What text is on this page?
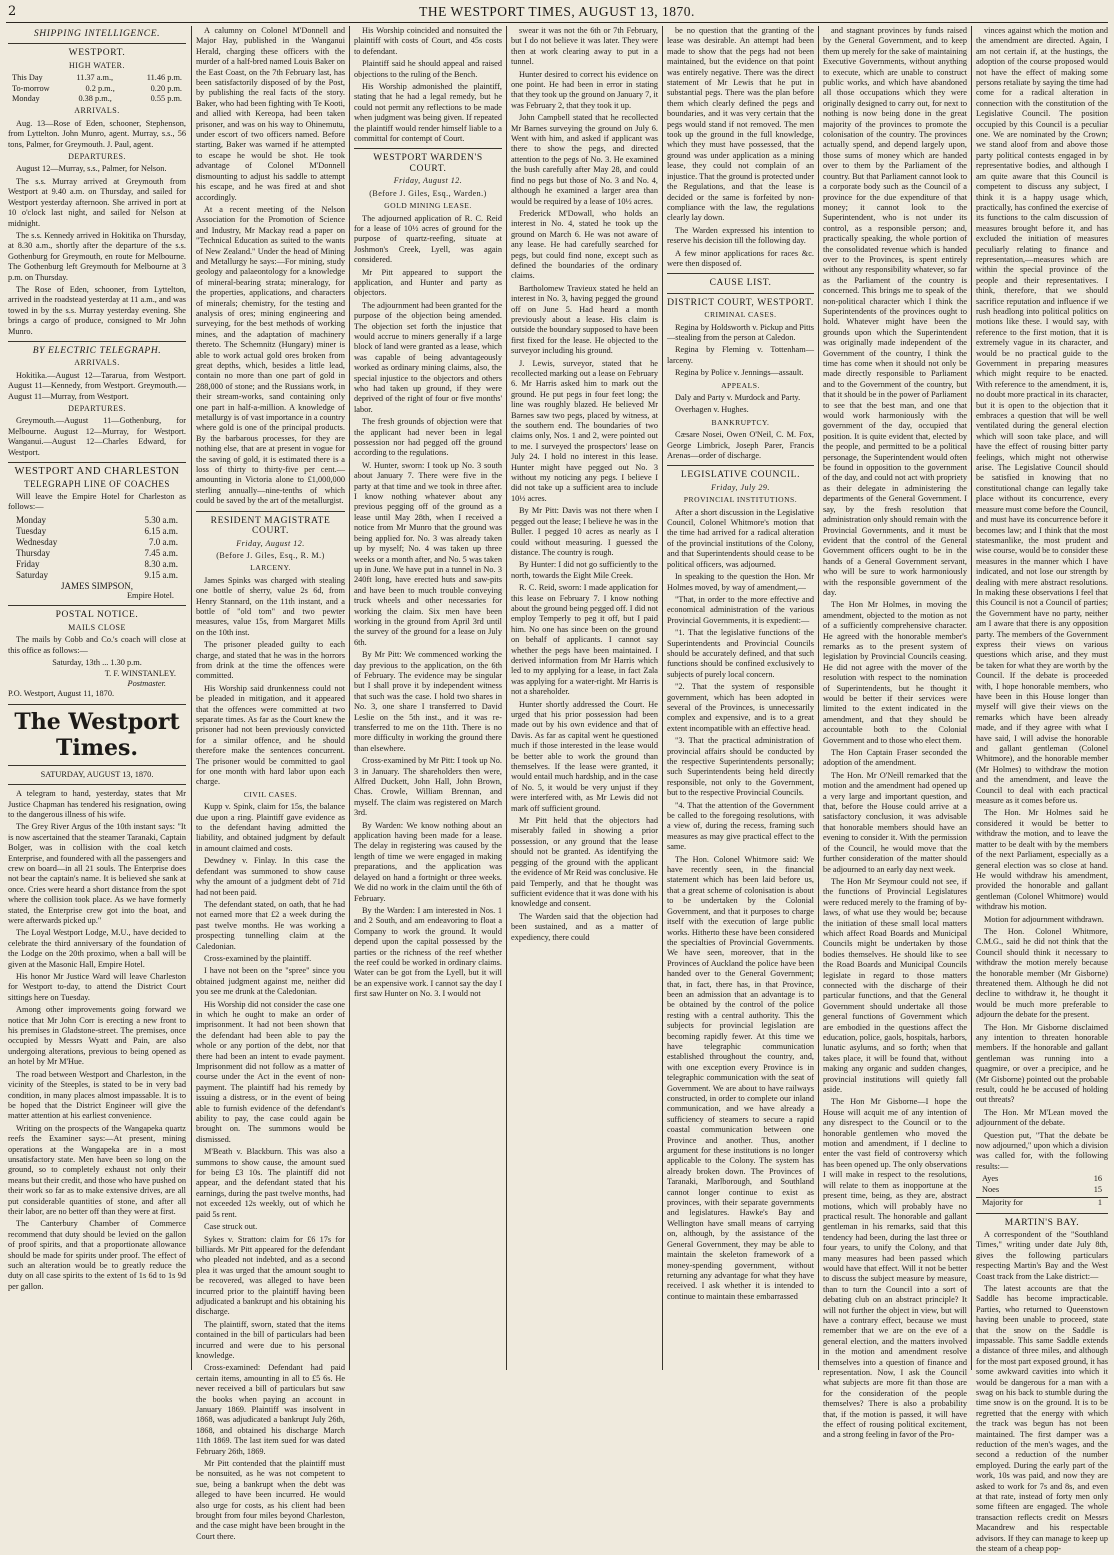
2	THE WESTPORT TIMES, AUGUST 13, 1870.
SHIPPING INTELLIGENCE.
WESTPORT.
HIGH WATER.
This Day	11.37 a.m.,	11.46 p.m.
To-morrow	0.2 p.m.,	0.20 p.m.
Monday	0.38 p.m.,	0.55 p.m.
ARRIVALS.

Aug. 13—Rose of Eden, schooner, Stephenson, from Lyttelton. John Munro, agent. Murray, s.s., 56 tons, Palmer, for Greymouth. J. Paul, agent.

DEPARTURES.

August 12—Murray, s.s., Palmer, for Nelson.

The s.s. Murray arrived at Greymouth from Westport at 9.40 a.m. on Thursday, and sailed for Westport yesterday afternoon. She arrived in port at 10 o'clock last night, and sailed for Nelson at midnight.

The s.s. Kennedy arrived in Hokitika on Thursday, at 8.30 a.m., shortly after the departure of the s.s. Gothenburg for Greymouth, en route for Melbourne. The Gothenburg left Greymouth for Melbourne at 3 p.m. on Thursday.

The Rose of Eden, schooner, from Lyttelton, arrived in the roadstead yesterday at 11 a.m., and was towed in by the s.s. Murray yesterday evening. She brings a cargo of produce, consigned to Mr John Munro.

BY ELECTRIC TELEGRAPH.
ARRIVALS.

Hokitika.—August 12—Tararua, from Westport. August 11—Kennedy, from Westport. Greymouth.—August 11—Murray, from Westport.

DEPARTURES.

Greymouth.—August 11—Gothenburg, for Melbourne. August 12—Murray, for Westport. Wanganui.—August 12—Charles Edward, for Westport.

WESTPORT AND CHARLESTON
TELEGRAPH LINE OF COACHES

Will leave the Empire Hotel for Charleston as follows:—

Monday	5.30 a.m.
Tuesday	6.15 a.m.
Wednesday	7.0 a.m.
Thursday	7.45 a.m.
Friday	8.30 a.m.
Saturday	9.15 a.m.
JAMES SIMPSON,
Empire Hotel.
POSTAL NOTICE.
MAILS CLOSE

The mails by Cobb and Co.'s coach will close at this office as follows:—

Saturday, 13th ... 1.30 p.m.
T. F. WINSTANLEY.
Postmaster.
P.O. Westport, August 11, 1870.
The Westport Times.
SATURDAY, AUGUST 13, 1870.

A telegram to hand, yesterday, states that Mr Justice Chapman has tendered his resignation, owing to the dangerous illness of his wife.

The Grey River Argus of the 10th instant says: "It is now ascertained that the steamer Taranaki, Captain Bolger, was in collision with the coal ketch Enterprise, and foundered with all the passengers and crew on board—in all 21 souls. The Enterprise does not bear the captain's name. It is believed she sank at once. Cries were heard a short distance from the spot where the collision took place. As we have formerly stated, the Enterprise crew got into the boat, and were afterwards picked up."

The Loyal Westport Lodge, M.U., have decided to celebrate the third anniversary of the foundation of the Lodge on the 20th proximo, when a ball will be given at the Masonic Hall, Empire Hotel.

His honor Mr Justice Ward will leave Charleston for Westport to-day, to attend the District Court sittings here on Tuesday.

Among other improvements going forward we notice that Mr John Corr is erecting a new front to his premises in Gladstone-street. The premises, once occupied by Messrs Wyatt and Pain, are also undergoing alterations, previous to being opened as an hotel by Mr M'Hue.

The road between Westport and Charleston, in the vicinity of the Steeples, is stated to be in very bad condition, in many places almost impassable. It is to be hoped that the District Engineer will give the matter attention at his earliest convenience.

Writing on the prospects of the Wangapeka quartz reefs the Examiner says:—At present, mining operations at the Wangapeka are in a most unsatisfactory state. Men have been so long on the ground, so to completely exhaust not only their means but their credit, and those who have pushed on their work so far as to make extensive drives, are all put considerable quantities of stone, and after all their labor, are no better off than they were at first.

The Canterbury Chamber of Commerce recommend that duty should be levied on the gallon of proof spirits, and that a proportionate allowance should be made for spirits under proof. The effect of such an alteration would be to greatly reduce the duty on all case spirits to the extent of 1s 6d to 1s 9d per gallon.

A calumny on Colonel M'Donnell and Major Hay, published in the Wanganui Herald, charging these officers with the murder of a half-bred named Louis Baker on the East Coast, on the 7th February last, has been satisfactorily disposed of by the Post, by publishing the real facts of the story. Baker, who had been fighting with Te Kooti, and allied with Kereopa, had been taken prisoner, and was on his way to Ohinemutu, under escort of two officers named. Before starting, Baker was warned if he attempted to escape he would be shot. He took advantage of Colonel M'Donnell dismounting to adjust his saddle to attempt his escape, and he was fired at and shot accordingly.

At a recent meeting of the Nelson Association for the Promotion of Science and Industry, Mr Mackay read a paper on "Technical Education as suited to the wants of New Zealand." Under the head of Mining and Metallurgy he says:—For mining, study geology and palaeontology for a knowledge of mineral-bearing strata; mineralogy, for the properties, applications, and characters of minerals; chemistry, for the testing and analysis of ores; mining engineering and surveying, for the best methods of working mines, and the adaptation of machinery thereto. The Schemnitz (Hungary) miner is able to work actual gold ores broken from great depths, which, besides a little lead, contain no more than one part of gold in 288,000 of stone; and the Russians work, in their stream-works, sand containing only one part in half-a-million. A knowledge of metallurgy is of vast importance in a country where gold is one of the principal products. By the barbarous processes, for they are nothing else, that are at present in vogue for the saving of gold, it is estimated there is a loss of thirty to thirty-five per cent.—amounting in Victoria alone to £1,000,000 sterling annually—nine-tenths of which could be saved by the art of the metallurgist.

RESIDENT MAGISTRATE COURT.
Friday, August 12.
(Before J. Giles, Esq., R. M.)
LARCENY.

James Spinks was charged with stealing one bottle of sherry, value 2s 6d, from Henry Stannard, on the 11th instant, and a bottle of "old tom" and two pewter measures, value 15s, from Margaret Mills on the 10th inst.

The prisoner pleaded guilty to each charge, and stated that he was in the horrors from drink at the time the offences were committed.

His Worship said drunkenness could not be pleaded in mitigation, and it appeared that the offences were committed at two separate times. As far as the Court knew the prisoner had not been previously convicted for a similar offence, and he should therefore make the sentences concurrent. The prisoner would be committed to gaol for one month with hard labor upon each charge.

CIVIL CASES.

Kupp v. Spink, claim for 15s, the balance due upon a ring. Plaintiff gave evidence as to the defendant having admitted the liability, and obtained judgment by default in amount claimed and costs.

Dewdney v. Finlay. In this case the defendant was summoned to show cause why the amount of a judgment debt of 71d had not been paid.

The defendant stated, on oath, that he had not earned more that £2 a week during the past twelve months. He was working a prospecting tunnelling claim at the Caledonian.

Cross-examined by the plaintiff.

I have not been on the "spree" since you obtained judgment against me, neither did you see me drunk at the Caledonian.

His Worship did not consider the case one in which he ought to make an order of imprisonment. It had not been shown that the defendant had been able to pay the whole or any portion of the debt, nor that there had been an intent to evade payment. Imprisonment did not follow as a matter of course under the Act in the event of non-payment. The plaintiff had his remedy by issuing a distress, or in the event of being able to furnish evidence of the defendant's ability to pay, the case could again be brought on. The summons would be dismissed.

M'Beath v. Blackburn. This was also a summons to show cause, the amount sued for being £3 10s. The plaintiff did not appear, and the defendant stated that his earnings, during the past twelve months, had not exceeded 12s weekly, out of which he paid 5s rent.

Case struck out.

Sykes v. Stratton: claim for £6 17s for billiards. Mr Pitt appeared for the defendant who pleaded not indebted, and as a second plea it was urged that the amount sought to be recovered, was alleged to have been incurred prior to the plaintiff having been adjudicated a bankrupt and his obtaining his discharge.

The plaintiff, sworn, stated that the items contained in the bill of particulars had been incurred and were due to his personal knowledge.

Cross-examined: Defendant had paid certain items, amounting in all to £5 6s. He never received a bill of particulars but saw the books when paying an account in January 1869. Plaintiff was insolvent in 1868, was adjudicated a bankrupt July 26th, 1868, and obtained his discharge March 11th 1869. The last item sued for was dated February 26th, 1869.

Mr Pitt contended that the plaintiff must be nonsuited, as he was not competent to sue, being a bankrupt when the debt was alleged to have been incurred. He would also urge for costs, as his client had been brought from four miles beyond Charleston, and the case might have been brought in the Court there.

His Worship coincided and nonsuited the plaintiff with costs of Court, and 45s costs to defendant.

Plaintiff said he should appeal and raised objections to the ruling of the Bench.

His Worship admonished the plaintiff, stating that he had a legal remedy, but he could not permit any reflections to be made when judgment was being given. If repeated the plaintiff would render himself liable to a committal for contempt of Court.

WESTPORT WARDEN'S COURT.
Friday, August 12.
(Before J. Giles, Esq., Warden.)
GOLD MINING LEASE.

The adjourned application of R. C. Reid for a lease of 10½ acres of ground for the purpose of quartz-reefing, situate at Joshmon's Creek, Lyell, was again considered.

Mr Pitt appeared to support the application, and Hunter and party as objectors.

The adjournment had been granted for the purpose of the objection being amended. The objection set forth the injustice that would accrue to miners generally if a large block of land were granted as a lease, which was capable of being advantageously worked as ordinary mining claims, also, the special injustice to the objectors and others who had taken up ground, if they were deprived of the right of four or five months' labor.

The fresh grounds of objection were that the applicant had never been in legal possession nor had pegged off the ground according to the regulations.

W. Hunter, sworn: I took up No. 3 south about January 7. There were five in the party at that time and we took in three after. I know nothing whatever about any previous pegging off of the ground as a lease until May 28th, when I received a notice from Mr Munro that the ground was being applied for. No. 3 was already taken up by myself; No. 4 was taken up three weeks or a month after, and No. 5 was taken up in June. We have put in a tunnel in No. 3 240ft long, have erected huts and saw-pits and have been to much trouble conveying truck wheels and other necessaries for working the claim. Six men have been working in the ground from April 3rd until the survey of the ground for a lease on July 6th.

By Mr Pitt: We commenced working the day previous to the application, on the 6th of February. The evidence may be singular but I shall prove it by independent witness that such was the case. I hold two shares in No. 3, one share I transferred to David Leslie on the 5th inst., and it was re-transferred to me on the 11th. There is no more difficulty in working the ground there than elsewhere.

Cross-examined by Mr Pitt: I took up No. 3 in January. The shareholders then were, Alfred Duckett, John Hall, John Brown, Chas. Crowle, William Brennan, and myself. The claim was registered on March 3rd.

By Warden: We know nothing about an application having been made for a lease. The delay in registering was caused by the length of time we were engaged in making preparations, and the application was delayed on hand a fortnight or three weeks. We did no work in the claim until the 6th of February.

By the Warden: I am interested in Nos. 1 and 2 South, and am endeavoring to float a Company to work the ground. It would depend upon the capital possessed by the parties or the richness of the reef whether the reef could be worked in ordinary claims. Water can be got from the Lyell, but it will be an expensive work. I cannot say the day I first saw Hunter on No. 3. I would not

swear it was not the 6th or 7th February, but I do not believe it was later. They were then at work clearing away to put in a tunnel.

Hunter desired to correct his evidence on one point. He had been in error in stating that they took up the ground on January 7, it was February 2, that they took it up.

John Campbell stated that he recollected Mr Barnes surveying the ground on July 6. Went with him, and asked if applicant was there to show the pegs, and directed attention to the pegs of No. 3. He examined the bush carefully after May 28, and could find no pegs but those of No. 3 and No. 4, although he examined a larger area than would be required by a lease of 10½ acres.

Frederick M'Dowall, who holds an interest in No. 4, stated he took up the ground on March 6. He was not aware of any lease. He had carefully searched for pegs, but could find none, except such as defined the boundaries of the ordinary claims.

Bartholomew Travieux stated he held an interest in No. 3, having pegged the ground off on June 5. Had heard a month previously about a lease. His claim is outside the boundary supposed to have been first fixed for the lease. He objected to the surveyor including his ground.

J. Lewis, surveyor, stated that he recollected marking out a lease on February 6. Mr Harris asked him to mark out the ground. He put pegs in four feet long; the line was roughly blazed. He believed Mr Barnes saw two pegs, placed by witness, at the southern end. The boundaries of two claims only, Nos. 1 and 2, were pointed out to me. I surveyed the prospectors' lease on July 24. I hold no interest in this lease. Hunter might have pegged out No. 3 without my noticing any pegs. I believe I did not take up a sufficient area to include 10½ acres.

By Mr Pitt: Davis was not there when I pegged out the lease; I believe he was in the Buller. I pegged 10 acres as nearly as I could without measuring. I guessed the distance. The country is rough.

By Hunter: I did not go sufficiently to the north, towards the Eight Mile Creek.

R. C. Reid, sworn: I made application for this lease on February 7. I know nothing about the ground being pegged off. I did not employ Temperly to peg it off, but I paid him. No one has since been on the ground on behalf of applicants. I cannot say whether the pegs have been maintained. I derived information from Mr Harris which led to my applying for a lease, in fact Zala was applying for a water-right. Mr Harris is not a shareholder.

Hunter shortly addressed the Court. He urged that his prior possession had been made out by his own evidence and that of Davis. As far as capital went he questioned much if those interested in the lease would be better able to work the ground than themselves. If the lease were granted, it would entail much hardship, and in the case of No. 5, it would be very unjust if they were interfered with, as Mr Lewis did not mark off sufficient ground.

Mr Pitt held that the objectors had miserably failed in showing a prior possession, or any ground that the lease should not be granted. As identifying the pegging of the ground with the applicant the evidence of Mr Reid was conclusive. He paid Temperly, and that he thought was sufficient evidence that it was done with his knowledge and consent.

The Warden said that the objection had been sustained, and as a matter of expediency, there could

be no question that the granting of the lease was desirable. An attempt had been made to show that the pegs had not been maintained, but the evidence on that point was entirely negative. There was the direct statement of Mr Lewis that he put in substantial pegs. There was the plan before them which clearly defined the pegs and boundaries, and it was very certain that the pegs would stand if not removed. The men took up the ground in the full knowledge, which they must have possessed, that the ground was under application as a mining lease, they could not complain of an injustice. That the ground is protected under the Regulations, and that the lease is decided or the same is forfeited by non-compliance with the law, the regulations clearly lay down.

The Warden expressed his intention to reserve his decision till the following day.

A few minor applications for races &c. were then disposed of.

CAUSE LIST.
DISTRICT COURT, WESTPORT.
CRIMINAL CASES.

Regina by Holdsworth v. Pickup and Pitts—stealing from the person at Caledon.

Regina by Fleming v. Tottenham—larceny.

Regina by Police v. Jennings—assault.

APPEALS.

Daly and Party v. Murdock and Party.

Overhagen v. Hughes.

BANKRUPTCY.

Cæsare Nosei, Owen O'Neil, C. M. Fox, George Limbrick, Joseph Parer, Francis Arenas—order of discharge.

LEGISLATIVE COUNCIL.
Friday, July 29.
PROVINCIAL INSTITUTIONS.

After a short discussion in the Legislative Council, Colonel Whitmore's motion that the time had arrived for a radical alteration of the provincial institutions of the Colony, and that Superintendents should cease to be political officers, was adjourned.

In speaking to the question the Hon. Mr Holmes moved, by way of amendment,—

"That, in order to the more effective and economical administration of the various Provincial Governments, it is expedient:—

"1. That the legislative functions of the Superintendents and Provincial Councils should be accurately defined, and that such functions should be confined exclusively to subjects of purely local concern.

"2. That the system of responsible government, which has been adopted in several of the Provinces, is unnecessarily complex and expensive, and is to a great extent incompatible with an effective head.

"3. That the practical administration of provincial affairs should be conducted by the respective Superintendents personally; such Superintendents being held directly responsible, not only to the Government, but to the respective Provincial Councils.

"4. That the attention of the Government be called to the foregoing resolutions, with a view of, during the recess, framing such measures as may give practical effect to the same.

The Hon. Colonel Whitmore said: We have recently seen, in the financial statement which has been laid before us, that a great scheme of colonisation is about to be undertaken by the Colonial Government, and that it purposes to charge itself with the execution of large public works. Hitherto these have been considered the specialties of Provincial Governments. We have seen, moreover, that in the Provinces of Auckland the police have been handed over to the General Government; that, in fact, there has, in that Province, been an admission that an advantage is to be obtained by the control of the police resting with a central authority. This the subjects for provincial legislation are becoming rapidly fewer. At this time we have telegraphic communication established throughout the country, and, with one exception every Province is in telegraphic communication with the seat of Government. We are about to have railways constructed, in order to complete our inland communication, and we have already a sufficiency of steamers to secure a rapid coastal communication between one Province and another. Thus, another argument for these institutions is no longer applicable to the Colony. The system has already broken down. The Provinces of Taranaki, Marlborough, and Southland cannot longer continue to exist as provinces, with their separate governments and legislatures. Hawke's Bay and Wellington have small means of carrying on, although, by the assistance of the General Government, they may be able to maintain the skeleton framework of a money-spending government, without returning any advantage for what they have received. I ask whether it is intended to continue to maintain these embarrassed

and stagnant provinces by funds raised by the General Government, and to keep them up merely for the sake of maintaining Executive Governments, without anything to execute, which are unable to construct public works, and which have abandoned all those occupations which they were originally designed to carry out, for next to nothing is now being done in the great majority of the provinces to promote the colonisation of the country. The provinces actually spend, and depend largely upon, those sums of money which are handed over to them by the Parliament of the country. But that Parliament cannot look to a corporate body such as the Council of a province for the due expenditure of that money; it cannot look to the Superintendent, who is not under its control, as a responsible person; and, practically speaking, the whole portion of the consolidated revenue which is handed over to the Provinces, is spent entirely without any responsibility whatever, so far as the Parliament of the country is concerned. This brings me to speak of the non-political character which I think the Superintendents of the provinces ought to hold. Whatever might have been the grounds upon which the Superintendent was originally made independent of the Government of the country, I think the time has come when it should not only be made directly responsible to Parliament and to the Government of the country, but that it should be in the power of Parliament to see that the best man, and one that would work harmoniously with the government of the day, occupied that position. It is quite evident that, elected by the people, and permitted to be a political personage, the Superintendent would often be found in opposition to the government of the day, and could not act with propriety as their delegate in administering the departments of the General Government. I say, by the fresh resolution that administration only should remain with the Provincial Governments, and it must be evident that the control of the General Government officers ought to be in the hands of a General Government servant, who will be sure to work harmoniously with the responsible government of the day.

The Hon Mr Holmes, in moving the amendment, objected to the motion as not of a sufficiently comprehensive character. He agreed with the honorable member's remarks as to the present system of legislation by Provincial Councils ceasing. He did not agree with the mover of the resolution with respect to the nomination of Superintendents, but he thought it would be better if their services were limited to the extent indicated in the amendment, and that they should be accountable both to the Colonial Government and to those who elect them.

The Hon Captain Fraser seconded the adoption of the amendment.

The Hon. Mr O'Neill remarked that the motion and the amendment had opened up a very large and important question, and that, before the House could arrive at a satisfactory conclusion, it was advisable that honorable members should have an evening to consider it. With the permission of the Council, he would move that the further consideration of the matter should be adjourned to an early day next week.

The Hon Mr Seymour could not see, if the functions of Provincial Legislatures were reduced merely to the framing of by-laws, of what use they would be; because the initiation of these small local matters which affect Road Boards and Municipal Councils might be undertaken by those bodies themselves. He should like to see the Road Boards and Municipal Councils legislate in regard to those matters connected with the discharge of their particular functions, and that the General Government should undertake all those general functions of Government which are embodied in the questions affect the education, police, gaols, hospitals, harbors, lunatic asylums, and so forth; when that takes place, it will be found that, without making any organic and sudden changes, provincial institutions will quietly fall aside.

The Hon Mr Gisborne—I hope the House will acquit me of any intention of any disrespect to the Council or to the honorable gentlemen who moved the motion and amendment, if I decline to enter the vast field of controversy which has been opened up. The only observations I will make in respect to the resolutions, will relate to them as inopportune at the present time, being, as they are, abstract motions, which will probably have no practical result. The honorable and gallant gentleman in his remarks, said that this tendency had been, during the last three or four years, to unify the Colony, and that many measures had been passed which would have that effect. Will it not be better to discuss the subject measure by measure, than to turn the Council into a sort of debating club on an abstract principle? It will not further the object in view, but will have a contrary effect, because we must remember that we are on the eve of a general election, and the matters involved in the motion and amendment resolve themselves into a question of finance and representation. Now, I ask the Council what subjects are more fit than those are for the consideration of the people themselves? There is also a probability that, if the motion is passed, it will have the effect of rousing political excitement, and a strong feeling in favor of the Pro-

vinces against which the motion and the amendment are directed. Again, I am not certain if, at the hustings, the adoption of the course proposed would not have the effect of making some persons retaliate by saying the time had come for a radical alteration in connection with the constitution of the Legislative Council. The position occupied by this Council is a peculiar one. We are nominated by the Crown; we stand aloof from and above those party political contests engaged in by representative bodies, and although I am quite aware that this Council is competent to discuss any subject, I think it is a happy usage which, practically, has confined the exercise of its functions to the calm discussion of measures brought before it, and has excluded the initiation of measures peculiarly relating to finance and representation,—measures which are within the special province of the people and their representatives. I think, therefore, that we should sacrifice reputation and influence if we rush headlong into political politics on motions like these. I would say, with reference to the first motion, that it is extremely vague in its character, and would be no practical guide to the Government in preparing measures which might require to be enacted. With reference to the amendment, it is, no doubt more practical in its character, but it is open to the objection that it embraces a question that will be well ventilated during the general election which will soon take place, and will have the effect of rousing bitter party feelings, which might not otherwise arise. The Legislative Council should be satisfied in knowing that no constitutional change can legally take place without its concurrence, every measure must come before the Council, and must have its concurrence before it becomes law; and I think that the most statesmanlike, the most prudent and wise course, would be to consider these measures in the manner which I have indicated, and not lose our strength by dealing with mere abstract resolutions. In making these observations I feel that this Council is not a Council of parties; the Government have no party, neither am I aware that there is any opposition party. The members of the Government express their views on various questions which arise, and they must be taken for what they are worth by the Council. If the debate is proceeded with, I hope honorable members, who have been in this House longer than myself will give their views on the remarks which have been already made, and if they agree with what I have said, I will advise the honorable and gallant gentleman (Colonel Whitmore), and the honorable member (Mr Holmes) to withdraw the motion and the amendment, and leave the Council to deal with each practical measure as it comes before us.

The Hon. Mr Holmes said he considered it would be better to withdraw the motion, and to leave the matter to be dealt with by the members of the next Parliament, especially as a general election was so close at hand. He would withdraw his amendment, provided the honorable and gallant gentleman (Colonel Whitmore) would withdraw his motion.

Motion for adjournment withdrawn.

The Hon. Colonel Whitmore, C.M.G., said he did not think that the Council should think it necessary to withdraw the motion merely because the honorable member (Mr Gisborne) threatened them. Although he did not decline to withdraw it, he thought it would be much more preferable to adjourn the debate for the present.

The Hon. Mr Gisborne disclaimed any intention to threaten honorable members. If the honorable and gallant gentleman was running into a quagmire, or over a precipice, and he (Mr Gisborne) pointed out the probable result, could he be accused of holding out threats?

The Hon. Mr M'Lean moved the adjournment of the debate.

Question put, "That the debate be now adjourned," upon which a division was called for, with the following results:—

Ayes	16
Noes	15
Majority for	1
MARTIN'S BAY.

A correspondent of the "Southland Times," writing under date July 8th, gives the following particulars respecting Martin's Bay and the West Coast track from the Lake district:—

The latest accounts are that the Saddle has become impracticable. Parties, who returned to Queenstown having been unable to proceed, state that the snow on the Saddle is impassable. This same Saddle extends a distance of three miles, and although for the most part exposed ground, it has some awkward cavities into which it would be dangerous for a man with a swag on his back to stumble during the time snow is on the ground. It is to be regretted that the energy with which the track was begun has not been maintained. The first damper was a reduction of the men's wages, and the second a reduction of the number employed. During the early part of the work, 10s was paid, and now they are asked to work for 7s and 8s, and even at that rate, instead of forty men only some fifteen are engaged. The whole transaction reflects credit on Messrs Macandrew and his respectable advisors. If they can manage to keep up the steam of a cheap pop-
